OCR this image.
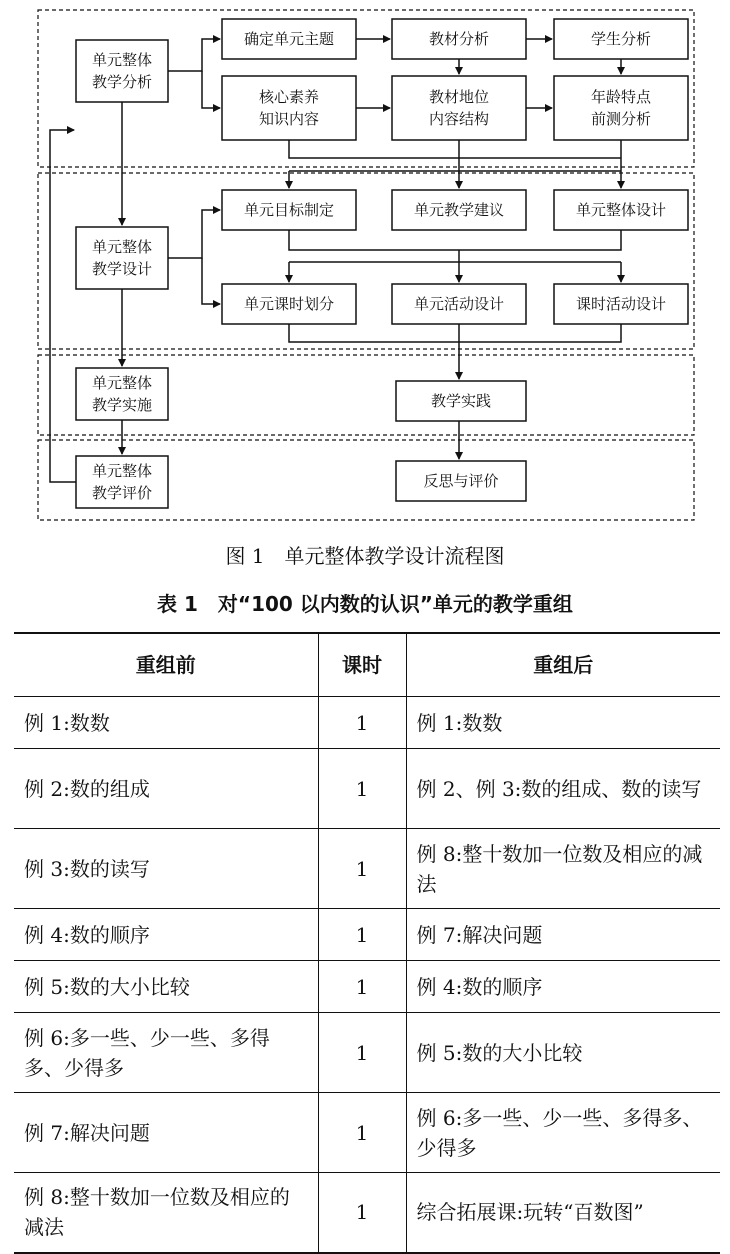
单元整体教学分析
单元整体教学设计
单元整体教学实施
单元整体教学评价
确定单元主题	教材分析	学生分析
核心素养知识内容
教材地位内容结构
年龄特点前测分析
单元目标制定	单元教学建议	单元整体设计
单元课时划分	单元活动设计	课时活动设计
教学实践
反思与评价
图 1　单元整体教学设计流程图
表 1　对“100 以内数的认识”单元的教学重组
重组前	课时	重组后
例 1:数数	1	例 1:数数
例 2:数的组成	1	例 2、例 3:数的组成、数的读写
例 3:数的读写	1	例 8:整十数加一位数及相应的减法
例 4:数的顺序	1	例 7:解决问题
例 5:数的大小比较	1	例 4:数的顺序
例 6:多一些、少一些、多得多、少得多	1	例 5:数的大小比较
例 7:解决问题	1	例 6:多一些、少一些、多得多、少得多
例 8:整十数加一位数及相应的减法	1	综合拓展课:玩转“百数图”
